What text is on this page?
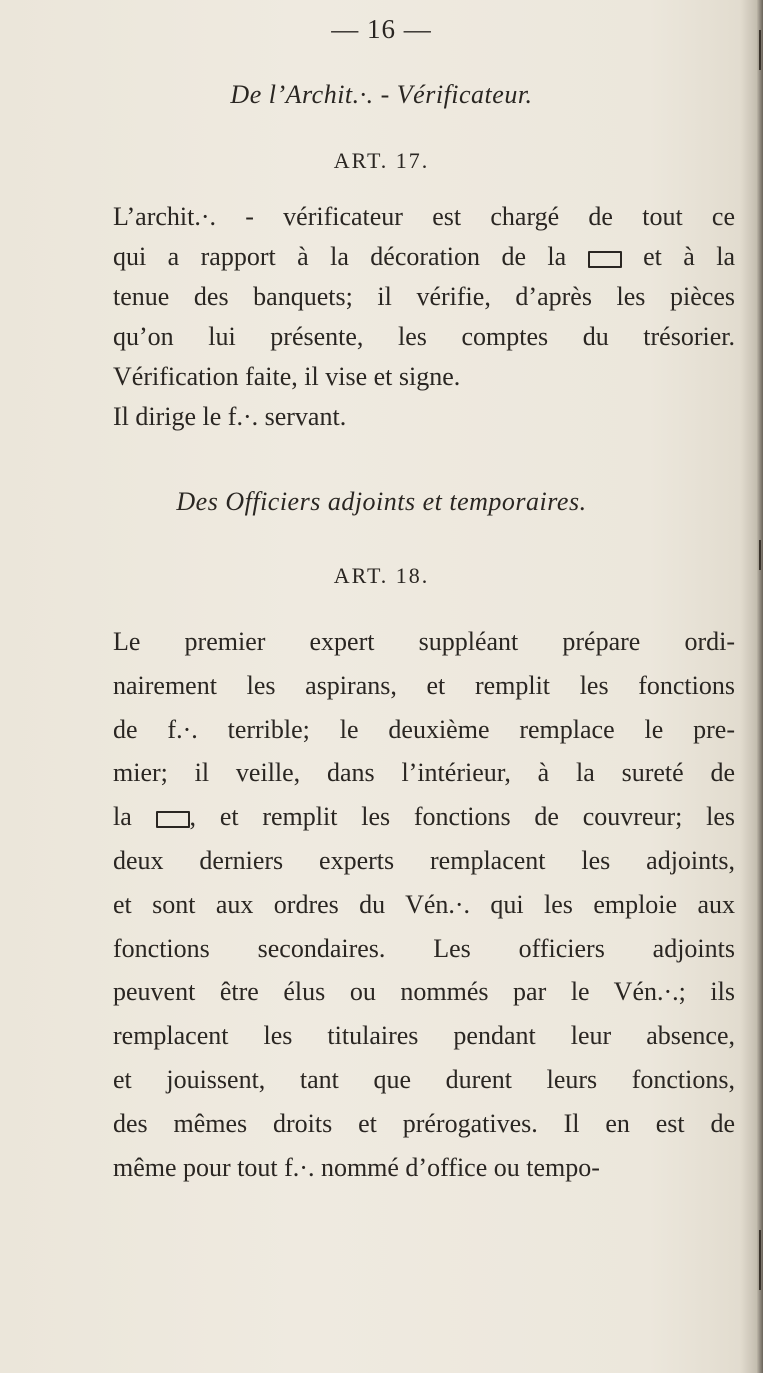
— 16 —
De l’Archit.·. - Vérificateur.
ART. 17.
L’archit.·. - vérificateur est chargé de tout ce
qui a rapport à la décoration de la	et à la
tenue des banquets; il vérifie, d’après les pièces
qu’on lui présente, les comptes du trésorier.
Vérification faite, il vise et signe.
Il dirige le f.·. servant.
Des Officiers adjoints et temporaires.
ART. 18.
Le premier expert suppléant prépare ordi-
nairement les aspirans, et remplit les fonctions
de f.·. terrible; le deuxième remplace le pre-
mier; il veille, dans l’intérieur, à la sureté de
la , et remplit les fonctions de couvreur; les
deux derniers experts remplacent les adjoints,
et sont aux ordres du Vén.·. qui les emploie aux
fonctions secondaires. Les officiers adjoints
peuvent être élus ou nommés par le Vén.·.; ils
remplacent les titulaires pendant leur absence,
et jouissent, tant que durent leurs fonctions,
des mêmes droits et prérogatives. Il en est de
même pour tout f.·. nommé d’office ou tempo-
